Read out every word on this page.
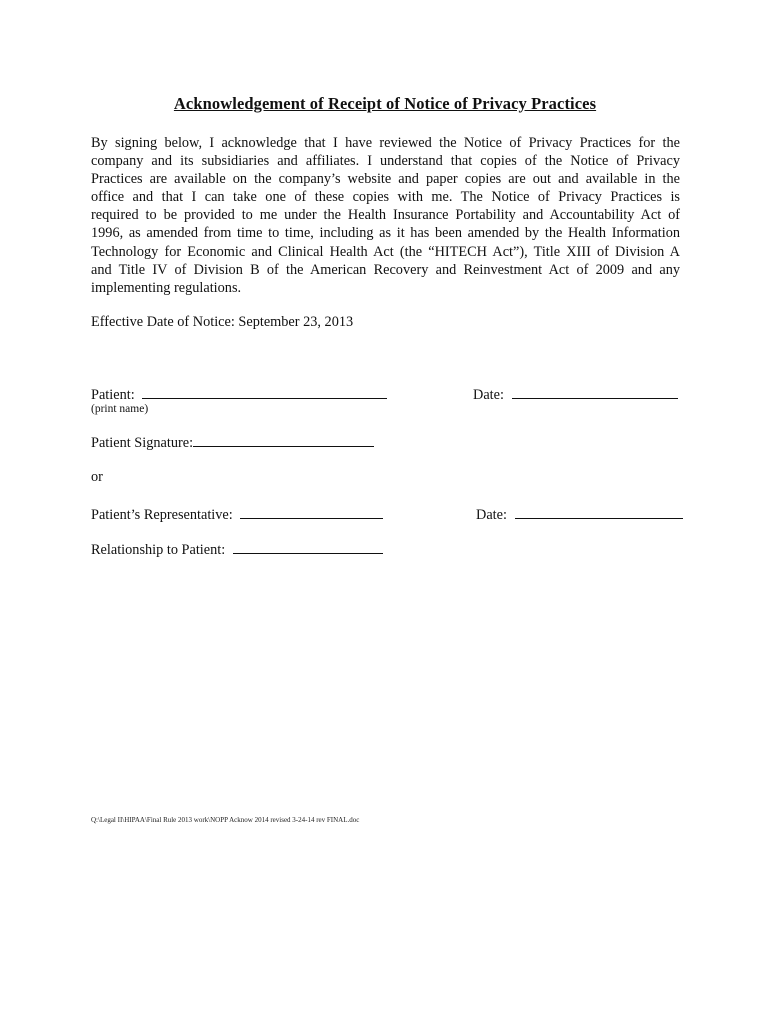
Acknowledgement of Receipt of Notice of Privacy Practices
By signing below, I acknowledge that I have reviewed the Notice of Privacy Practices for the
company and its subsidiaries and affiliates. I understand that copies of the Notice of Privacy
Practices are available on the company’s website and paper copies are out and available in the
office and that I can take one of these copies with me. The Notice of Privacy Practices is
required to be provided to me under the Health Insurance Portability and Accountability Act of
1996, as amended from time to time, including as it has been amended by the Health Information
Technology for Economic and Clinical Health Act (the “HITECH Act”), Title XIII of Division A
and Title IV of Division B of the American Recovery and Reinvestment Act of 2009 and any
implementing regulations.
Effective Date of Notice: September 23, 2013
Patient:
(print name)
Date:
Patient Signature:
or
Patient’s Representative:	Date:
Relationship to Patient:
Q:\Legal II\HIPAA\Final Rule 2013 work\NOPP Acknow 2014 revised 3-24-14 rev FINAL.doc
